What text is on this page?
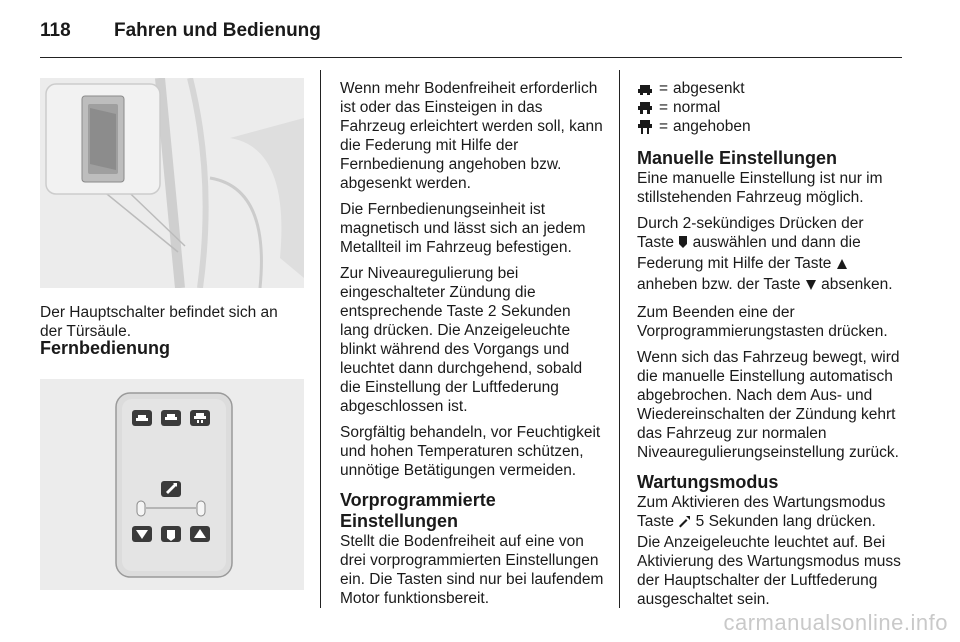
118 Fahren und Bedienung

Der Hauptschalter befindet sich an der Türsäule.

Fernbedienung

Wenn mehr Bodenfreiheit erforderlich ist oder das Einsteigen in das Fahrzeug erleichtert werden soll, kann die Federung mit Hilfe der Fernbedienung angehoben bzw. abgesenkt werden.

Die Fernbedienungseinheit ist magnetisch und lässt sich an jedem Metallteil im Fahrzeug befestigen.

Zur Niveauregulierung bei eingeschalteter Zündung die entsprechende Taste 2 Sekunden lang drücken. Die Anzeigeleuchte blinkt während des Vorgangs und leuchtet dann durchgehend, sobald die Einstellung der Luftfederung abgeschlossen ist.

Sorgfältig behandeln, vor Feuchtigkeit und hohen Temperaturen schützen, unnötige Betätigungen vermeiden.

Vorprogrammierte Einstellungen

Stellt die Bodenfreiheit auf eine von drei vorprogrammierten Einstellungen ein. Die Tasten sind nur bei laufendem Motor funktionsbereit.

= abgesenkt
= normal
= angehoben
Manuelle Einstellungen

Eine manuelle Einstellung ist nur im stillstehenden Fahrzeug möglich.

Durch 2-sekündiges Drücken der Taste  auswählen und dann die Federung mit Hilfe der Taste  anheben bzw. der Taste  absenken.

Zum Beenden eine der Vorprogrammierungstasten drücken.

Wenn sich das Fahrzeug bewegt, wird die manuelle Einstellung automatisch abgebrochen. Nach dem Aus- und Wiedereinschalten der Zündung kehrt das Fahrzeug zur normalen Niveauregulierungseinstellung zurück.

Wartungsmodus

Zum Aktivieren des Wartungsmodus Taste  5 Sekunden lang drücken. Die Anzeigeleuchte leuchtet auf. Bei Aktivierung des Wartungsmodus muss der Hauptschalter der Luftfederung ausgeschaltet sein.

carmanualsonline.info
